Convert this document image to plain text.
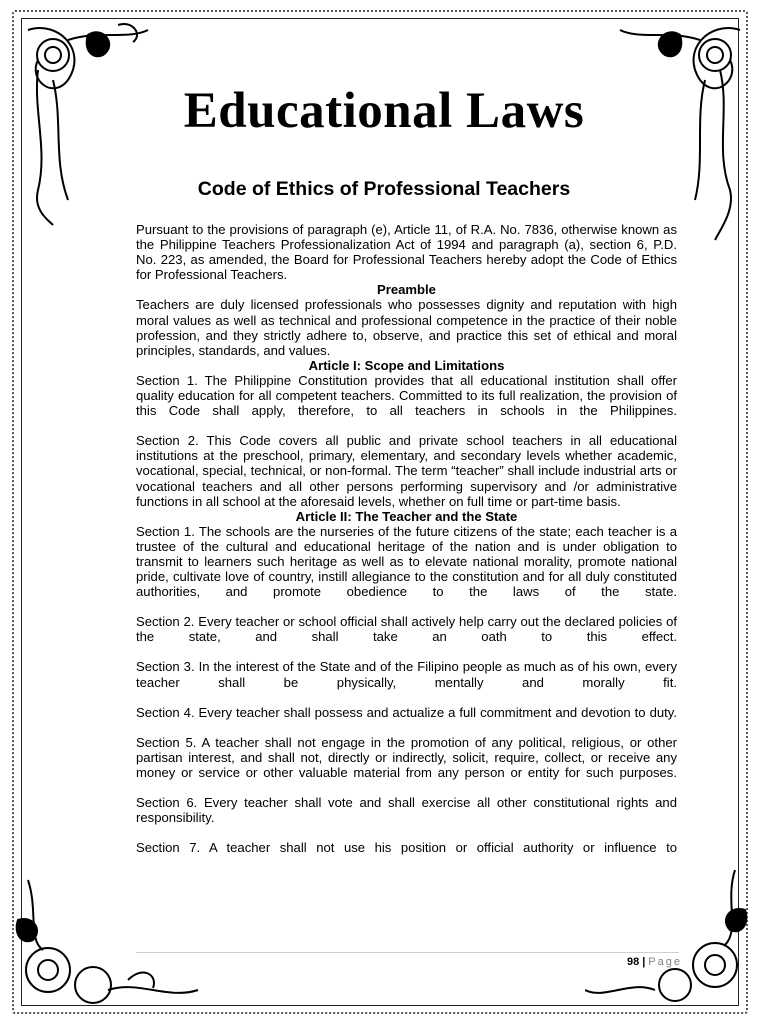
Educational Laws
Code of Ethics of Professional Teachers

Pursuant to the provisions of paragraph (e), Article 11, of R.A. No. 7836, otherwise known as the Philippine Teachers Professionalization Act of 1994 and paragraph (a), section 6, P.D. No. 223, as amended, the Board for Professional Teachers hereby adopt the Code of Ethics for Professional Teachers.

Preamble

Teachers are duly licensed professionals who possesses dignity and reputation with high moral values as well as technical and professional competence in the practice of their noble profession, and they strictly adhere to, observe, and practice this set of ethical and moral principles, standards, and values.

Article I: Scope and Limitations

Section 1. The Philippine Constitution provides that all educational institution shall offer quality education for all competent teachers. Committed to its full realization, the provision of this Code shall apply, therefore, to all teachers in schools in the Philippines.

Section 2. This Code covers all public and private school teachers in all educational institutions at the preschool, primary, elementary, and secondary levels whether academic, vocational, special, technical, or non-formal. The term “teacher” shall include industrial arts or vocational teachers and all other persons performing supervisory and /or administrative functions in all school at the aforesaid levels, whether on full time or part-time basis.

Article II: The Teacher and the State

Section 1. The schools are the nurseries of the future citizens of the state; each teacher is a trustee of the cultural and educational heritage of the nation and is under obligation to transmit to learners such heritage as well as to elevate national morality, promote national pride, cultivate love of country, instill allegiance to the constitution and for all duly constituted authorities, and promote obedience to the laws of the state.

Section 2. Every teacher or school official shall actively help carry out the declared policies of the state, and shall take an oath to this effect.

Section 3. In the interest of the State and of the Filipino people as much as of his own, every teacher shall be physically, mentally and morally fit.

Section 4. Every teacher shall possess and actualize a full commitment and devotion to duty.

Section 5. A teacher shall not engage in the promotion of any political, religious, or other partisan interest, and shall not, directly or indirectly, solicit, require, collect, or receive any money or service or other valuable material from any person or entity for such purposes.

Section 6. Every teacher shall vote and shall exercise all other constitutional rights and responsibility.

Section 7. A teacher shall not use his position or official authority or influence to

98 | Page
